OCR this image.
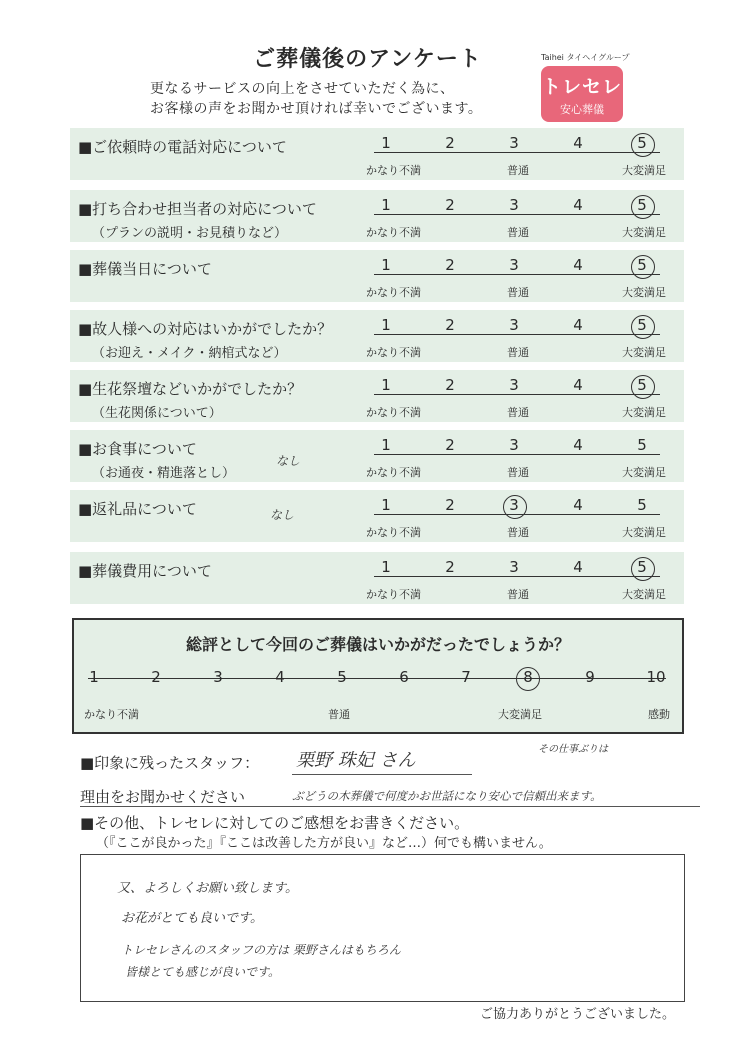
ご葬儀後のアンケート
更なるサービスの向上をさせていただく為に、
お客様の声をお聞かせ頂ければ幸いでございます。
Taihei タイヘイグループ
トレセレ
安心葬儀
■ご依頼時の電話対応について	1	2	3	4	5
かなり不満	普通	大変満足
■打ち合わせ担当者の対応について
（プランの説明・お見積りなど）
1	2	3	4	5
かなり不満	普通	大変満足
■葬儀当日について	1	2	3	4	5
かなり不満	普通	大変満足
■故人様への対応はいかがでしたか？
（お迎え・メイク・納棺式など）
1	2	3	4	5
かなり不満	普通	大変満足
■生花祭壇などいかがでしたか？
（生花関係について）
1	2	3	4	5
かなり不満	普通	大変満足
■お食事について
（お通夜・精進落とし）
1	2	3	4	5
かなり不満	普通	大変満足
なし
■返礼品について	1	2	3	4	5
かなり不満	普通	大変満足
なし
■葬儀費用について	1	2	3	4	5
かなり不満	普通	大変満足
総評として今回のご葬儀はいかがだったでしょうか？
1	2	3	4	5	6	7	8	9	10
かなり不満	普通	大変満足	感動
■印象に残ったスタッフ： 栗野 珠妃 さん
その仕事ぶりは
理由をお聞かせください	ぶどうの木葬儀で何度かお世話になり安心で信頼出来ます。
■その他、トレセレに対してのご感想をお書きください。
（『ここが良かった』『ここは改善した方が良い』など…）何でも構いません。
又、よろしくお願い致します。
お花がとても良いです。
トレセレさんのスタッフの方は 栗野さんはもちろん
皆様とても感じが良いです。
ご協力ありがとうございました。
